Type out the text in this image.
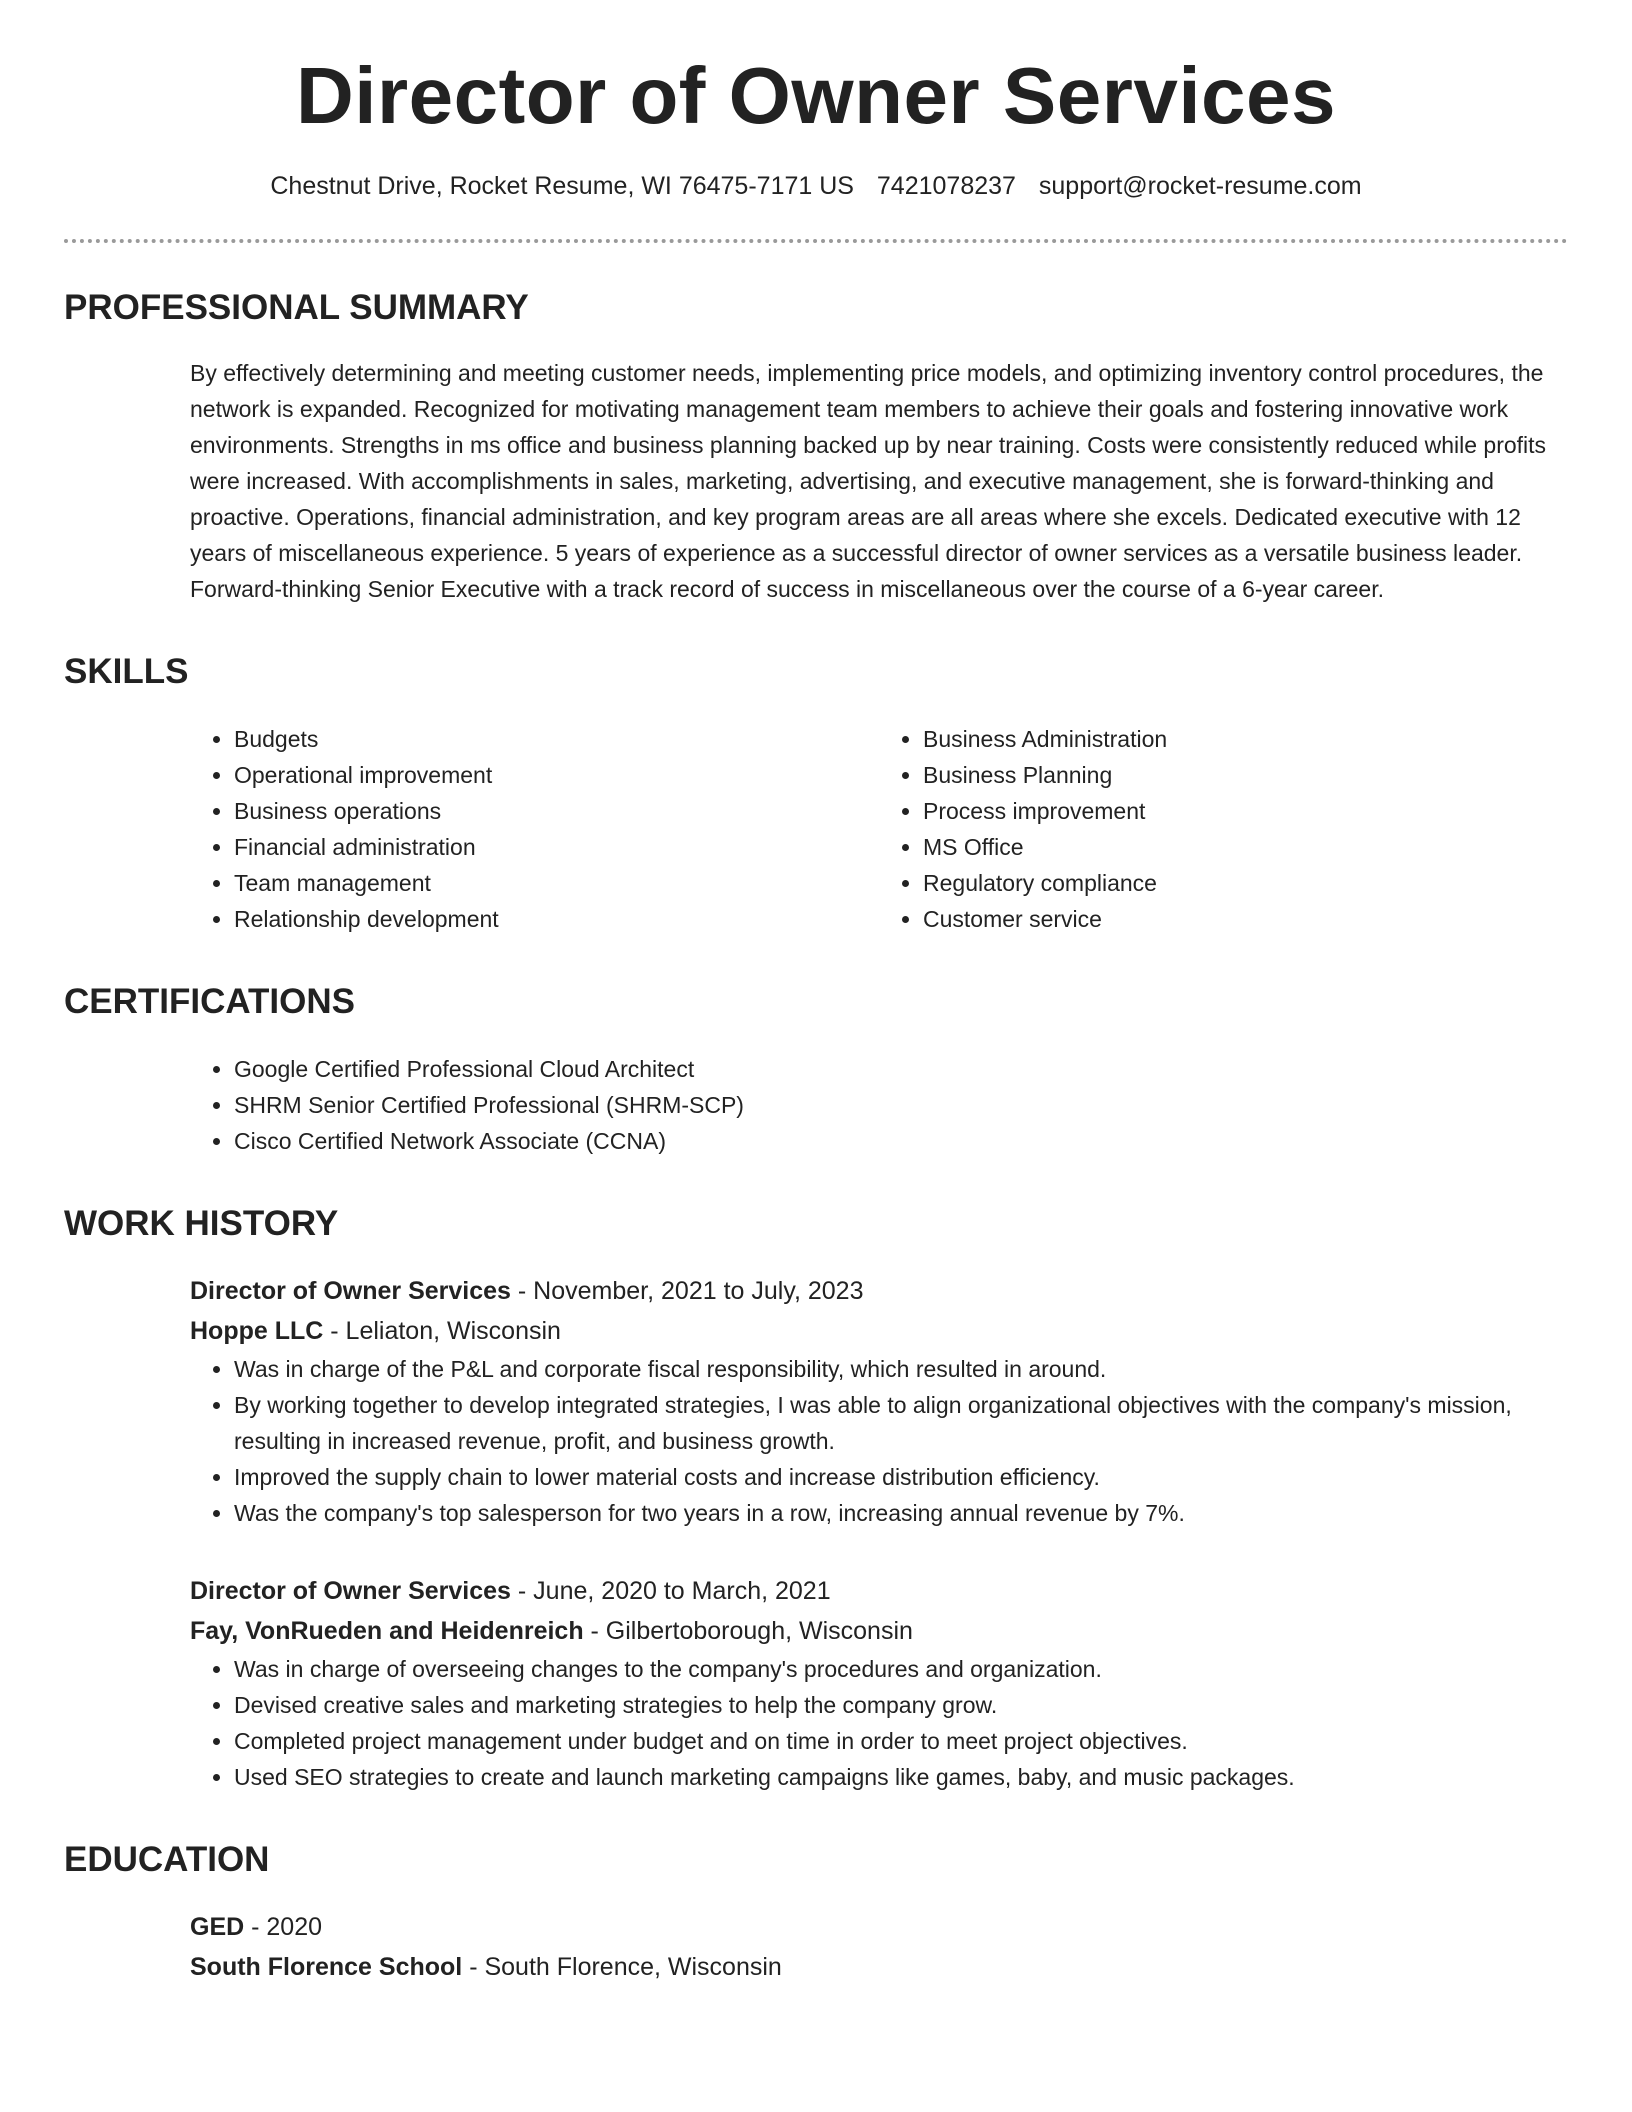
Director of Owner Services
Chestnut Drive, Rocket Resume, WI 76475-7171 US 7421078237 support@rocket-resume.com
PROFESSIONAL SUMMARY
By effectively determining and meeting customer needs, implementing price models, and optimizing inventory control procedures, the network is expanded. Recognized for motivating management team members to achieve their goals and fostering innovative work environments. Strengths in ms office and business planning backed up by near training. Costs were consistently reduced while profits were increased. With accomplishments in sales, marketing, advertising, and executive management, she is forward-thinking and proactive. Operations, financial administration, and key program areas are all areas where she excels. Dedicated executive with 12 years of miscellaneous experience. 5 years of experience as a successful director of owner services as a versatile business leader. Forward-thinking Senior Executive with a track record of success in miscellaneous over the course of a 6-year career.
SKILLS
• Budgets
• Operational improvement
• Business operations
• Financial administration
• Team management
• Relationship development
• Business Administration
• Business Planning
• Process improvement
• MS Office
• Regulatory compliance
• Customer service
CERTIFICATIONS
• Google Certified Professional Cloud Architect
• SHRM Senior Certified Professional (SHRM-SCP)
• Cisco Certified Network Associate (CCNA)
WORK HISTORY
Director of Owner Services - November, 2021 to July, 2023
Hoppe LLC - Leliaton, Wisconsin
• Was in charge of the P&L and corporate fiscal responsibility, which resulted in around.
• By working together to develop integrated strategies, I was able to align organizational objectives with the company's mission, resulting in increased revenue, profit, and business growth.
• Improved the supply chain to lower material costs and increase distribution efficiency.
• Was the company's top salesperson for two years in a row, increasing annual revenue by 7%.
Director of Owner Services - June, 2020 to March, 2021
Fay, VonRueden and Heidenreich - Gilbertoborough, Wisconsin
• Was in charge of overseeing changes to the company's procedures and organization.
• Devised creative sales and marketing strategies to help the company grow.
• Completed project management under budget and on time in order to meet project objectives.
• Used SEO strategies to create and launch marketing campaigns like games, baby, and music packages.
EDUCATION
GED - 2020
South Florence School - South Florence, Wisconsin
